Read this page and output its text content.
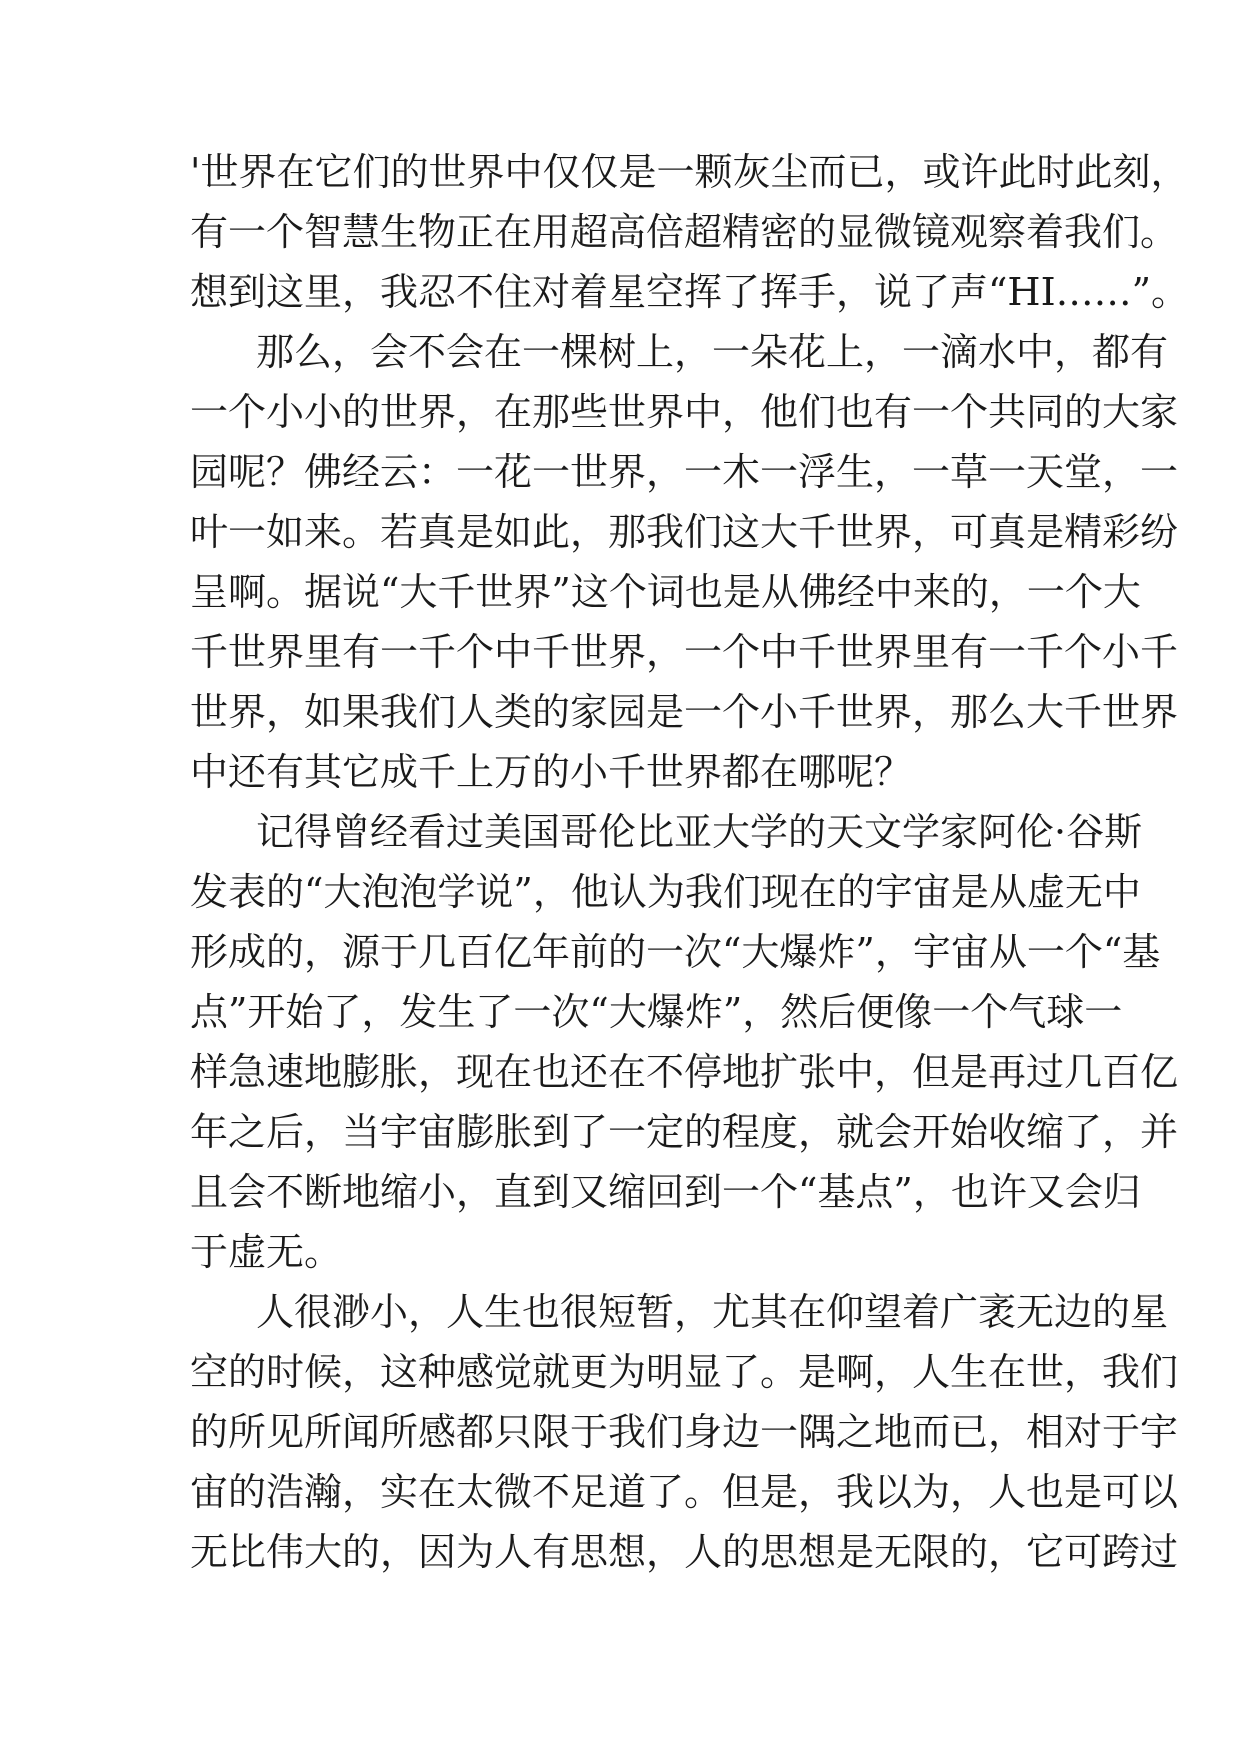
'世界在它们的世界中仅仅是一颗灰尘而已，或许此时此刻，
有一个智慧生物正在用超高倍超精密的显微镜观察着我们。
想到这里，我忍不住对着星空挥了挥手，说了声“HI……”。
那么，会不会在一棵树上，一朵花上，一滴水中，都有
一个小小的世界，在那些世界中，他们也有一个共同的大家
园呢？佛经云：一花一世界，一木一浮生，一草一天堂，一
叶一如来。若真是如此，那我们这大千世界，可真是精彩纷
呈啊。据说“大千世界”这个词也是从佛经中来的，一个大
千世界里有一千个中千世界，一个中千世界里有一千个小千
世界，如果我们人类的家园是一个小千世界，那么大千世界
中还有其它成千上万的小千世界都在哪呢？
记得曾经看过美国哥伦比亚大学的天文学家阿伦·谷斯
发表的“大泡泡学说”，他认为我们现在的宇宙是从虚无中
形成的，源于几百亿年前的一次“大爆炸”，宇宙从一个“基
点”开始了，发生了一次“大爆炸”，然后便像一个气球一
样急速地膨胀，现在也还在不停地扩张中，但是再过几百亿
年之后，当宇宙膨胀到了一定的程度，就会开始收缩了，并
且会不断地缩小，直到又缩回到一个“基点”，也许又会归
于虚无。
人很渺小，人生也很短暂，尤其在仰望着广袤无边的星
空的时候，这种感觉就更为明显了。是啊，人生在世，我们
的所见所闻所感都只限于我们身边一隅之地而已，相对于宇
宙的浩瀚，实在太微不足道了。但是，我以为，人也是可以
无比伟大的，因为人有思想，人的思想是无限的，它可跨过
